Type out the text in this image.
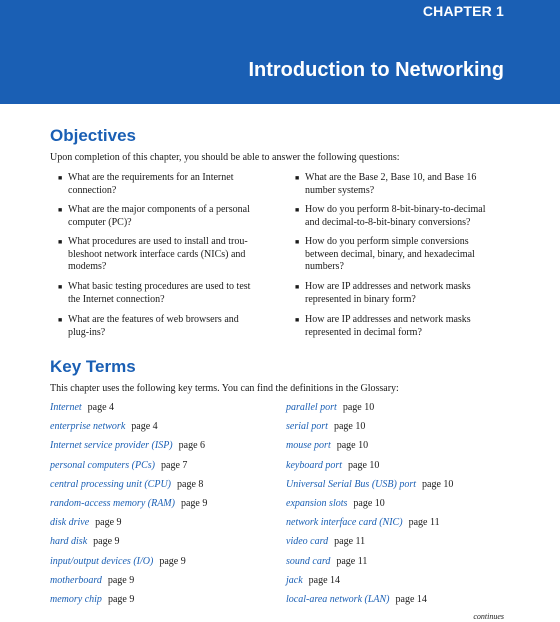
CHAPTER 1
Introduction to Networking
Objectives
Upon completion of this chapter, you should be able to answer the following questions:
■ What are the requirements for an Internet
connection?
■ What are the major components of a personal
computer (PC)?
■ What procedures are used to install and trou-
bleshoot network interface cards (NICs) and
modems?
■ What basic testing procedures are used to test
the Internet connection?
■ What are the features of web browsers and
plug-ins?
■ What are the Base 2, Base 10, and Base 16
number systems?
■ How do you perform 8-bit-binary-to-decimal
and decimal-to-8-bit-binary conversions?
■ How do you perform simple conversions
between decimal, binary, and hexadecimal
numbers?
■ How are IP addresses and network masks
represented in binary form?
■ How are IP addresses and network masks
represented in decimal form?
Key Terms
This chapter uses the following key terms. You can find the definitions in the Glossary:
Internet page 4
enterprise network page 4
Internet service provider (ISP) page 6
personal computers (PCs) page 7
central processing unit (CPU) page 8
random-access memory (RAM) page 9
disk drive page 9
hard disk page 9
input/output devices (I/O) page 9
motherboard page 9
memory chip page 9
parallel port page 10
serial port page 10
mouse port page 10
keyboard port page 10
Universal Serial Bus (USB) port page 10
expansion slots page 10
network interface card (NIC) page 11
video card page 11
sound card page 11
jack page 14
local-area network (LAN) page 14
continues
